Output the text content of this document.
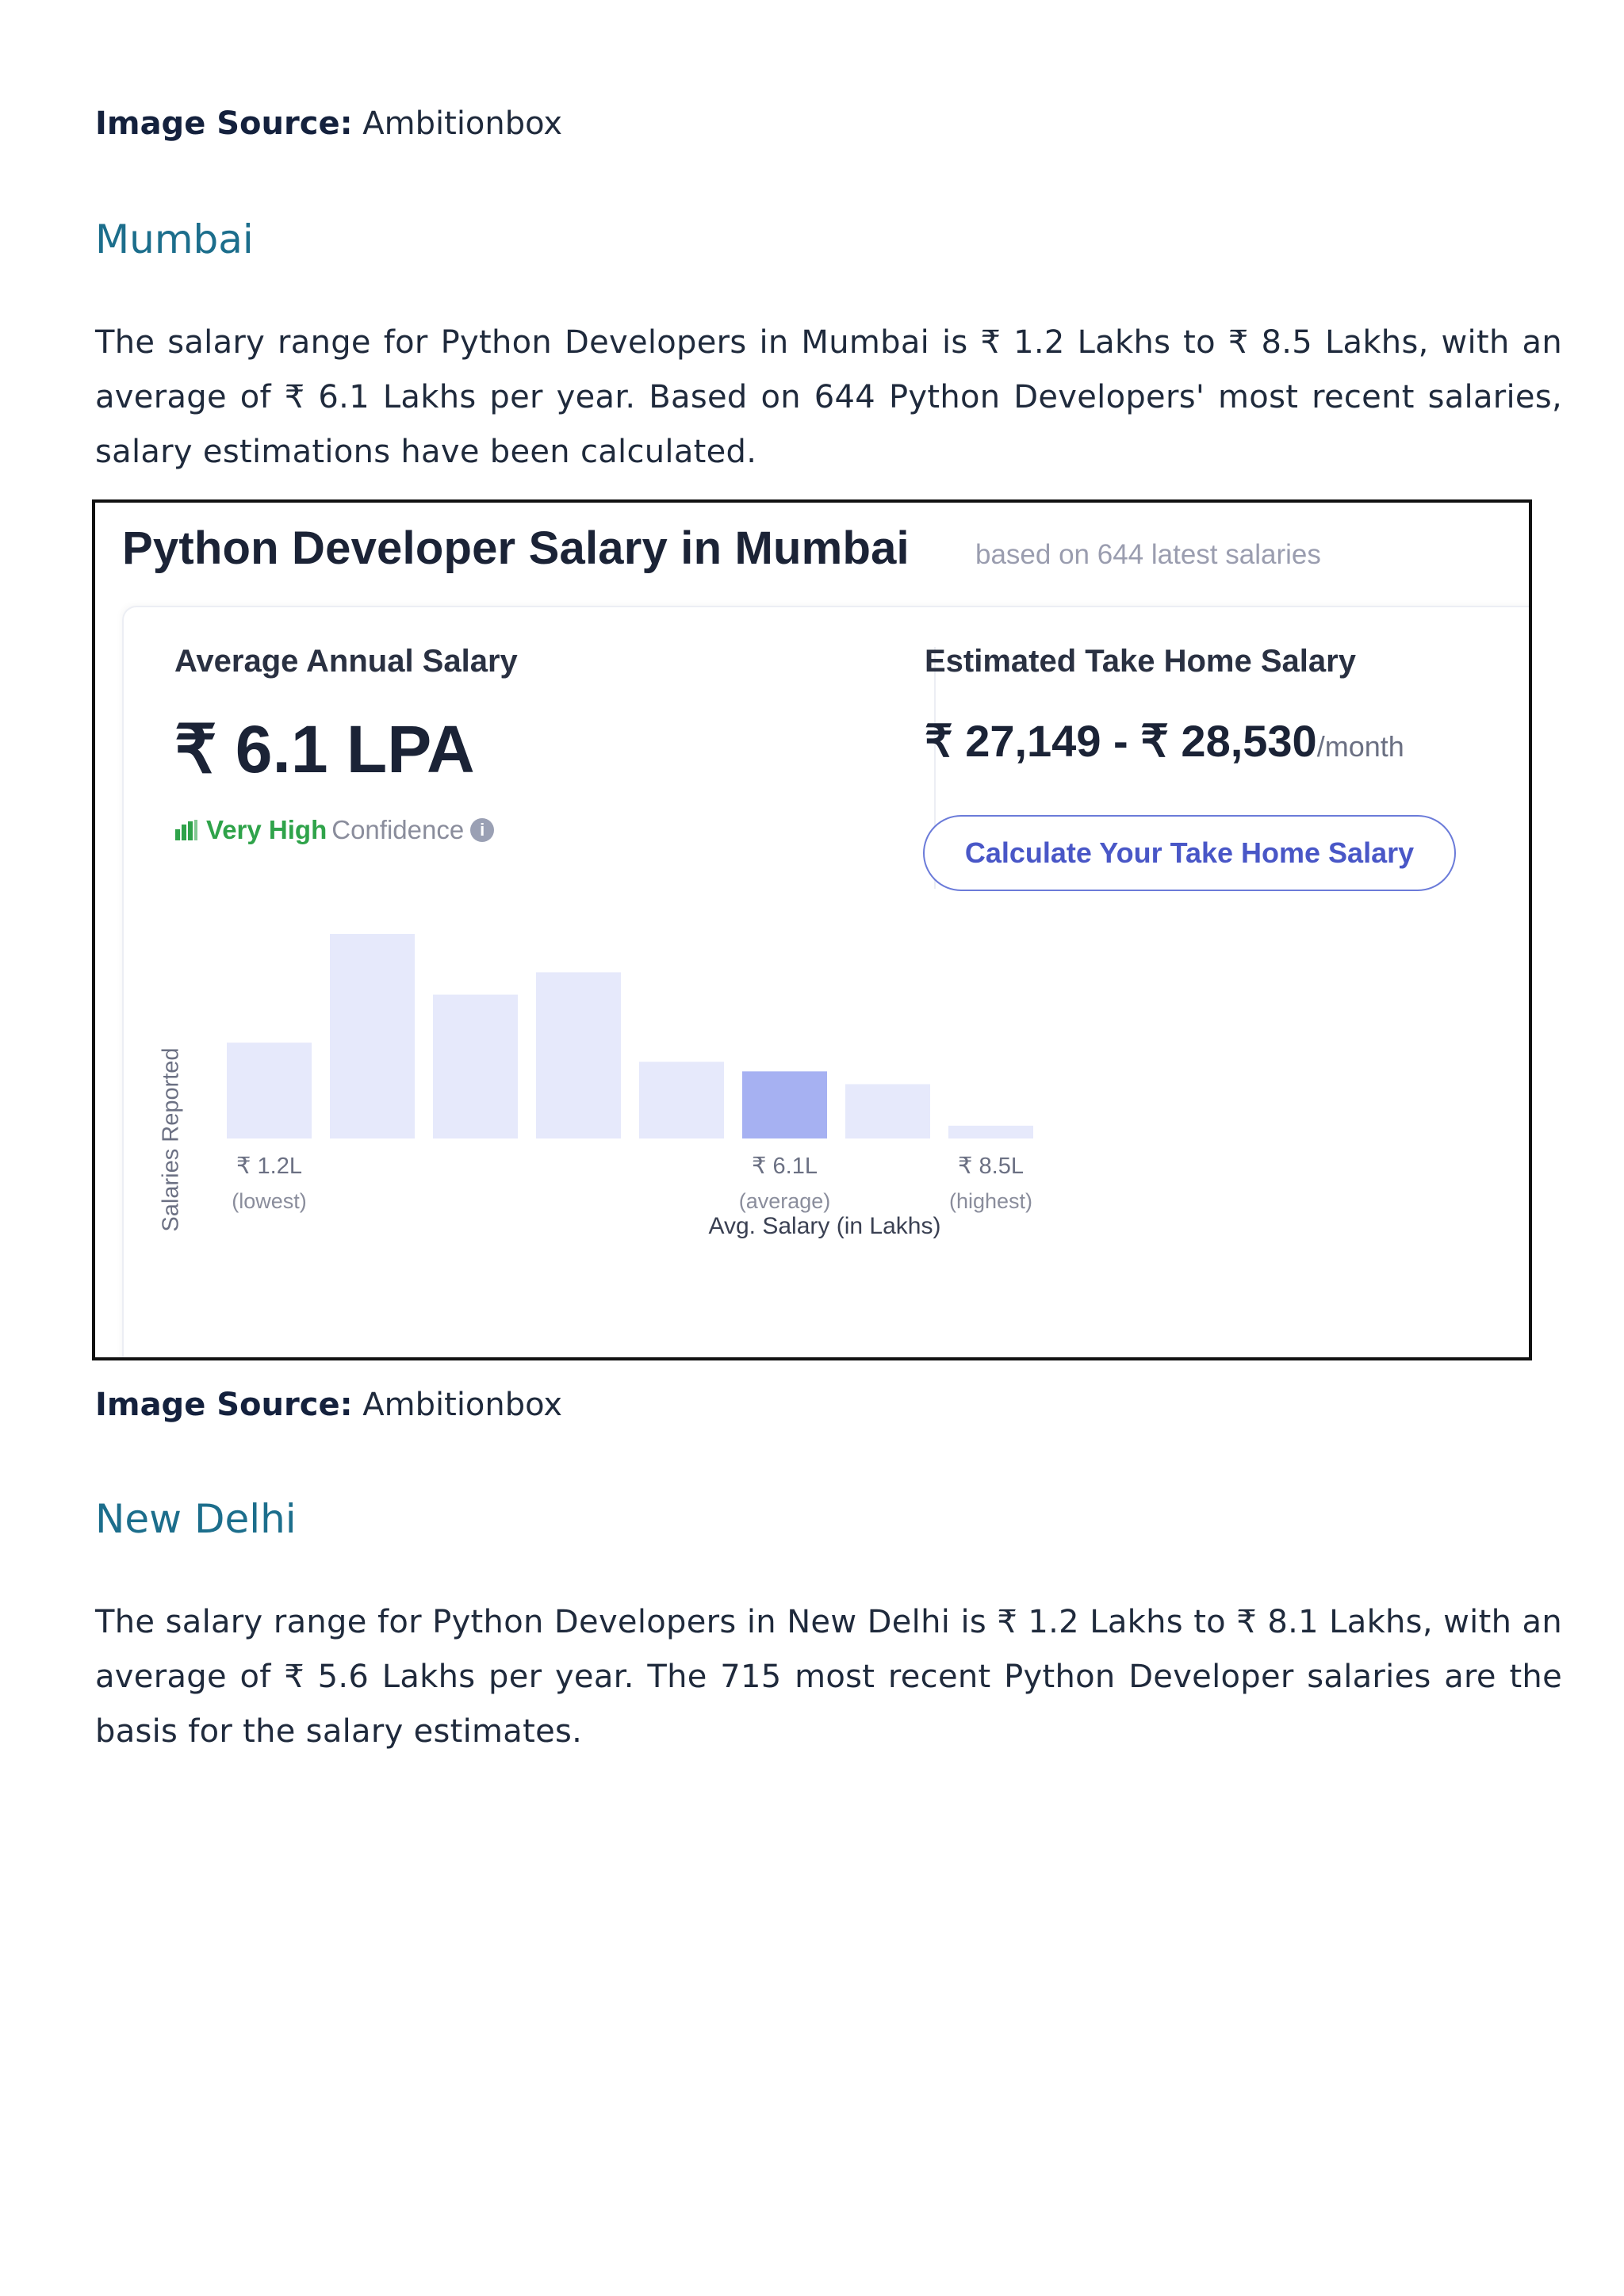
Image Source: Ambitionbox
Mumbai

The salary range for Python Developers in Mumbai is ₹ 1.2 Lakhs to ₹ 8.5 Lakhs, with an average of ₹ 6.1 Lakhs per year. Based on 644 Python Developers' most recent salaries, salary estimations have been calculated.

Python Developer Salary in Mumbai based on 644 latest salaries
Average Annual Salary
₹ 6.1 LPA
Very High Confidence i
Estimated Take Home Salary
₹ 27,149 - ₹ 28,530/month
Calculate Your Take Home Salary
₹ 1.2L
(lowest)
₹ 6.1L
(average)
₹ 8.5L
(highest)
Avg. Salary (in Lakhs)
Salaries Reported
Image Source: Ambitionbox
New Delhi

The salary range for Python Developers in New Delhi is ₹ 1.2 Lakhs to ₹ 8.1 Lakhs, with an average of ₹ 5.6 Lakhs per year. The 715 most recent Python Developer salaries are the basis for the salary estimates.
